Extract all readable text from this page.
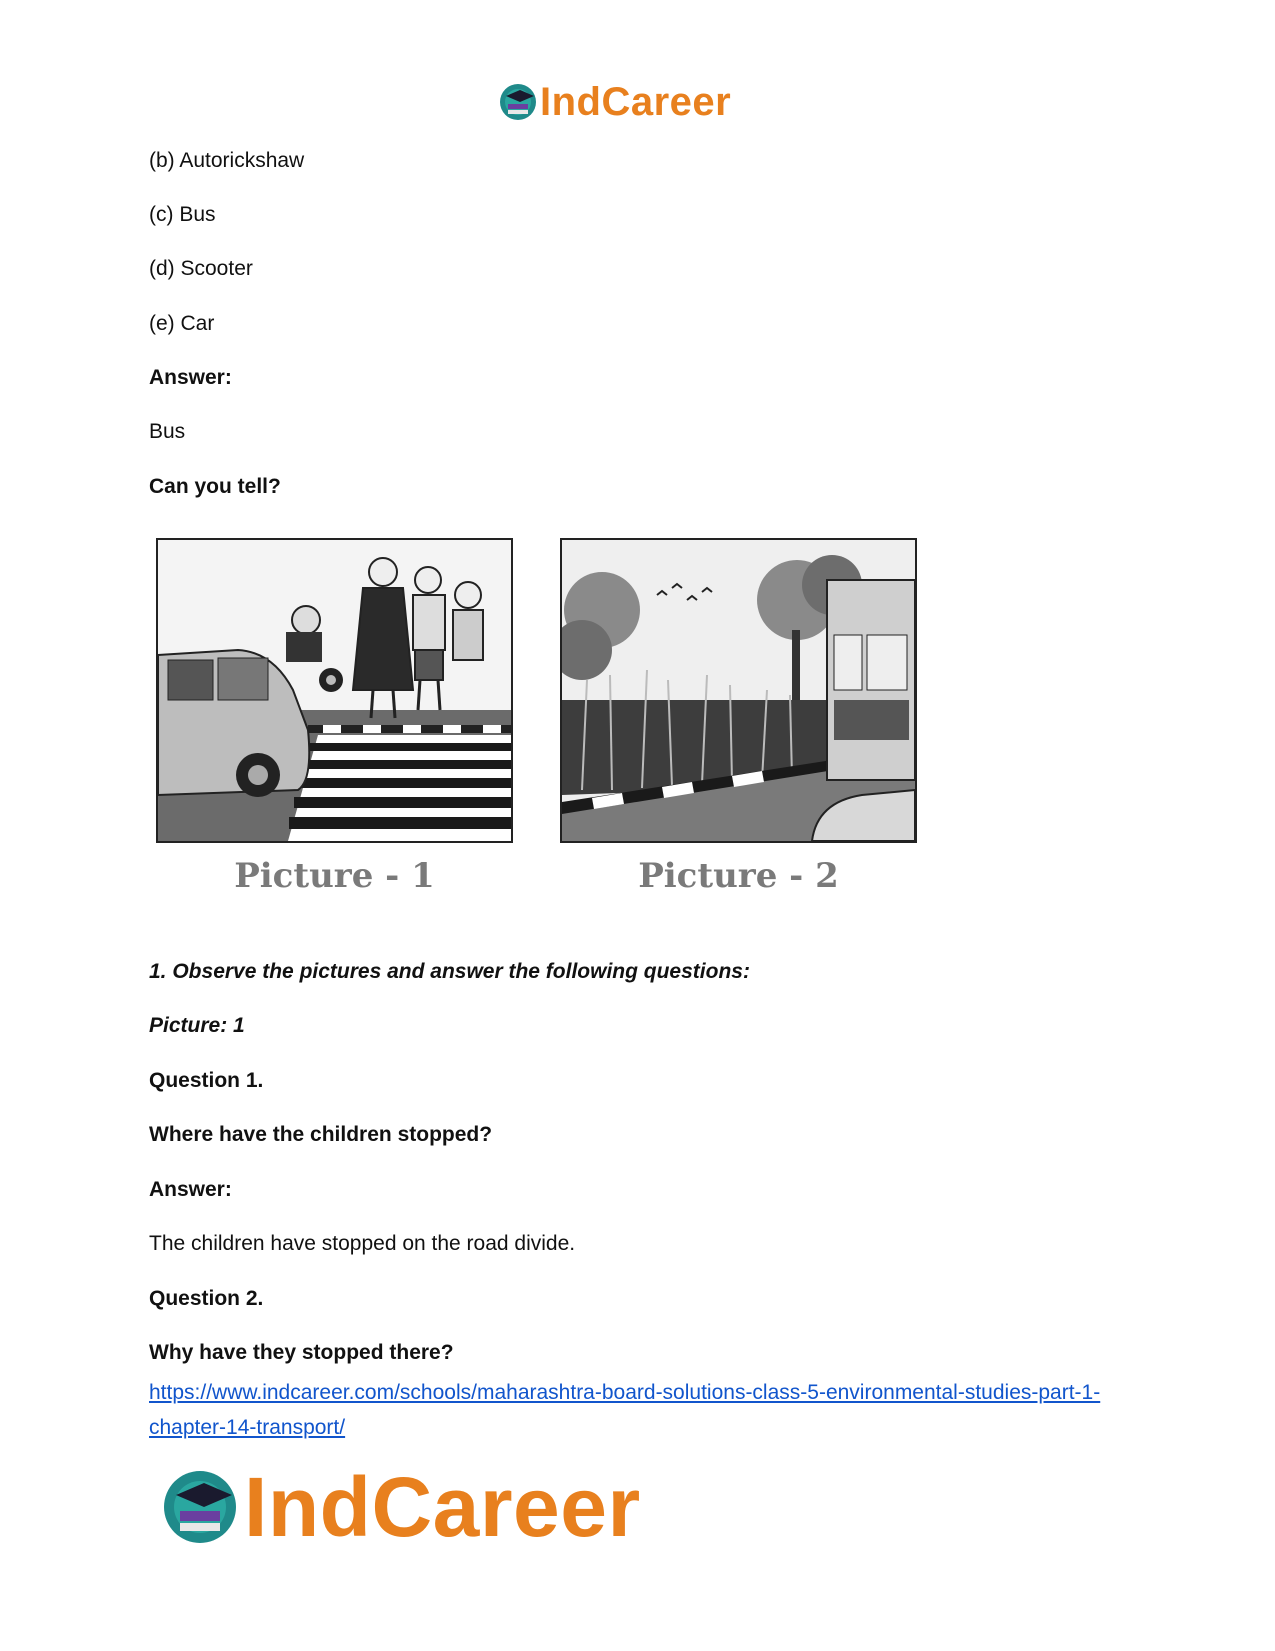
IndCareer
(b) Autorickshaw
(c) Bus
(d) Scooter
(e) Car
Answer:
Bus
Can you tell?
Picture - 1	Picture - 2
1. Observe the pictures and answer the following questions:
Picture: 1
Question 1.
Where have the children stopped?
Answer:
The children have stopped on the road divide.
Question 2.
Why have they stopped there?
https://www.indcareer.com/schools/maharashtra-board-solutions-class-5-environmental-studies-part-1-chapter-14-transport/
IndCareer
